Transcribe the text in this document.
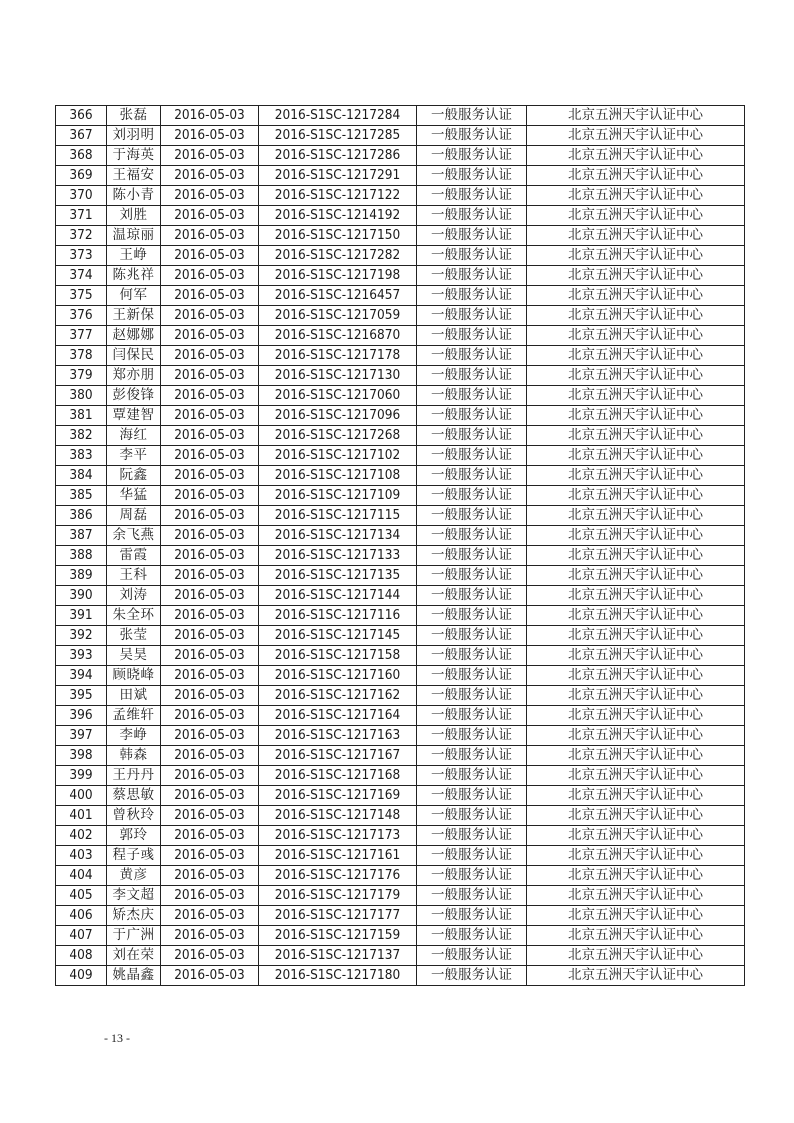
366	张磊	2016-05-03	2016-S1SC-1217284	一般服务认证	北京五洲天宇认证中心
367	刘羽明	2016-05-03	2016-S1SC-1217285	一般服务认证	北京五洲天宇认证中心
368	于海英	2016-05-03	2016-S1SC-1217286	一般服务认证	北京五洲天宇认证中心
369	王福安	2016-05-03	2016-S1SC-1217291	一般服务认证	北京五洲天宇认证中心
370	陈小青	2016-05-03	2016-S1SC-1217122	一般服务认证	北京五洲天宇认证中心
371	刘胜	2016-05-03	2016-S1SC-1214192	一般服务认证	北京五洲天宇认证中心
372	温琼丽	2016-05-03	2016-S1SC-1217150	一般服务认证	北京五洲天宇认证中心
373	王峥	2016-05-03	2016-S1SC-1217282	一般服务认证	北京五洲天宇认证中心
374	陈兆祥	2016-05-03	2016-S1SC-1217198	一般服务认证	北京五洲天宇认证中心
375	何军	2016-05-03	2016-S1SC-1216457	一般服务认证	北京五洲天宇认证中心
376	王新保	2016-05-03	2016-S1SC-1217059	一般服务认证	北京五洲天宇认证中心
377	赵娜娜	2016-05-03	2016-S1SC-1216870	一般服务认证	北京五洲天宇认证中心
378	闫保民	2016-05-03	2016-S1SC-1217178	一般服务认证	北京五洲天宇认证中心
379	郑亦朋	2016-05-03	2016-S1SC-1217130	一般服务认证	北京五洲天宇认证中心
380	彭俊锋	2016-05-03	2016-S1SC-1217060	一般服务认证	北京五洲天宇认证中心
381	覃建智	2016-05-03	2016-S1SC-1217096	一般服务认证	北京五洲天宇认证中心
382	海红	2016-05-03	2016-S1SC-1217268	一般服务认证	北京五洲天宇认证中心
383	李平	2016-05-03	2016-S1SC-1217102	一般服务认证	北京五洲天宇认证中心
384	阮鑫	2016-05-03	2016-S1SC-1217108	一般服务认证	北京五洲天宇认证中心
385	华猛	2016-05-03	2016-S1SC-1217109	一般服务认证	北京五洲天宇认证中心
386	周磊	2016-05-03	2016-S1SC-1217115	一般服务认证	北京五洲天宇认证中心
387	余飞燕	2016-05-03	2016-S1SC-1217134	一般服务认证	北京五洲天宇认证中心
388	雷霞	2016-05-03	2016-S1SC-1217133	一般服务认证	北京五洲天宇认证中心
389	王科	2016-05-03	2016-S1SC-1217135	一般服务认证	北京五洲天宇认证中心
390	刘涛	2016-05-03	2016-S1SC-1217144	一般服务认证	北京五洲天宇认证中心
391	朱全环	2016-05-03	2016-S1SC-1217116	一般服务认证	北京五洲天宇认证中心
392	张莹	2016-05-03	2016-S1SC-1217145	一般服务认证	北京五洲天宇认证中心
393	吴昊	2016-05-03	2016-S1SC-1217158	一般服务认证	北京五洲天宇认证中心
394	顾晓峰	2016-05-03	2016-S1SC-1217160	一般服务认证	北京五洲天宇认证中心
395	田斌	2016-05-03	2016-S1SC-1217162	一般服务认证	北京五洲天宇认证中心
396	孟维轩	2016-05-03	2016-S1SC-1217164	一般服务认证	北京五洲天宇认证中心
397	李峥	2016-05-03	2016-S1SC-1217163	一般服务认证	北京五洲天宇认证中心
398	韩森	2016-05-03	2016-S1SC-1217167	一般服务认证	北京五洲天宇认证中心
399	王丹丹	2016-05-03	2016-S1SC-1217168	一般服务认证	北京五洲天宇认证中心
400	蔡思敏	2016-05-03	2016-S1SC-1217169	一般服务认证	北京五洲天宇认证中心
401	曾秋玲	2016-05-03	2016-S1SC-1217148	一般服务认证	北京五洲天宇认证中心
402	郭玲	2016-05-03	2016-S1SC-1217173	一般服务认证	北京五洲天宇认证中心
403	程子彧	2016-05-03	2016-S1SC-1217161	一般服务认证	北京五洲天宇认证中心
404	黄彦	2016-05-03	2016-S1SC-1217176	一般服务认证	北京五洲天宇认证中心
405	李文超	2016-05-03	2016-S1SC-1217179	一般服务认证	北京五洲天宇认证中心
406	矫杰庆	2016-05-03	2016-S1SC-1217177	一般服务认证	北京五洲天宇认证中心
407	于广洲	2016-05-03	2016-S1SC-1217159	一般服务认证	北京五洲天宇认证中心
408	刘在荣	2016-05-03	2016-S1SC-1217137	一般服务认证	北京五洲天宇认证中心
409	姚晶鑫	2016-05-03	2016-S1SC-1217180	一般服务认证	北京五洲天宇认证中心
- 13 -
